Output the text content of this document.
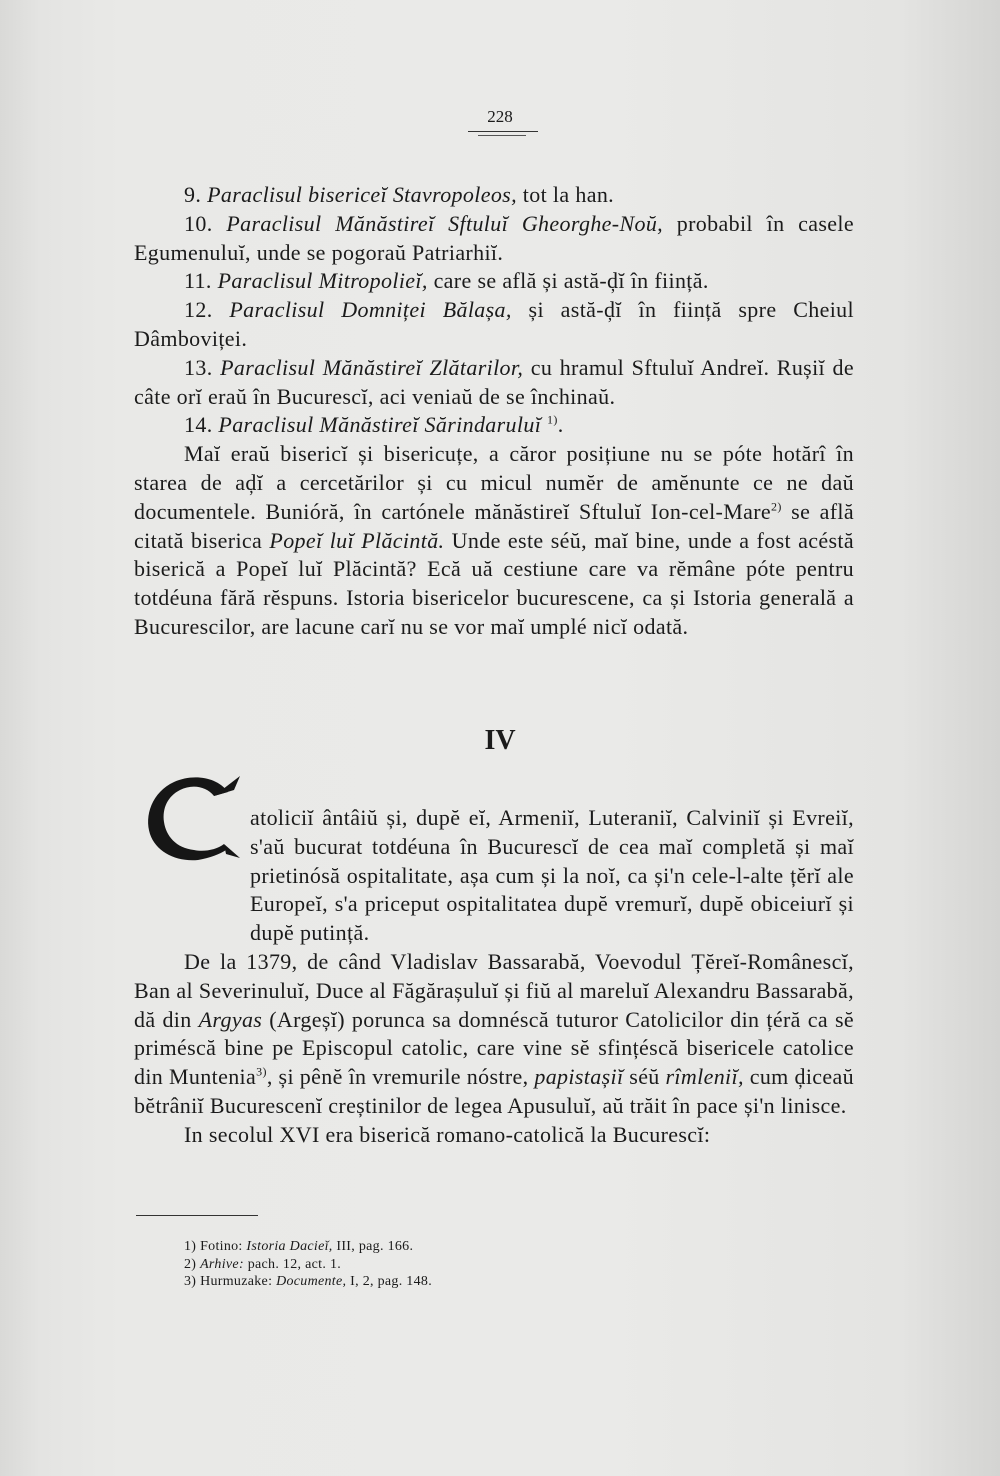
228

9. Paraclisul bisericeĭ Stavropoleos, tot la han.

10. Paraclisul Mănăstireĭ Sftuluĭ Gheorghe-Noŭ, probabil în casele Egumenuluĭ, unde se pogoraŭ Patriarhiĭ.

11. Paraclisul Mitropolieĭ, care se află și astă-ḑĭ în ființă.

12. Paraclisul Domniței Bălașa, și astă-ḑĭ în ființă spre Cheiul Dâmboviței.

13. Paraclisul Mănăstireĭ Zlătarilor, cu hramul Sftuluĭ Andreĭ. Rușiĭ de câte orĭ eraŭ în Bucurescĭ, aci veniaŭ de se închinaŭ.

14. Paraclisul Mănăstireĭ Sărindaruluĭ $^{1)}$.

Maĭ eraŭ bisericĭ și bisericuțe, a căror posițiune nu se póte hotărî în starea de aḑĭ a cercetărilor și cu micul numĕr de amĕnunte ce ne daŭ documentele. Bunióră, în cartónele mănăstireĭ Sftuluĭ Ion-cel-Mare$^{2)}$ se află citată biserica Popeĭ luĭ Plăcintă. Unde este séŭ, maĭ bine, unde a fost acéstă biserică a Popeĭ luĭ Plăcintă? Ecă uă cestiune care va rĕmâne póte pentru totdéuna fără rĕspuns. Istoria bisericelor bucurescene, ca și Istoria generală a Bucurescilor, are lacune carĭ nu se vor maĭ umplé nicĭ odată.

IV
C

atoliciĭ ântâiŭ și, dupĕ eĭ, Armeniĭ, Luteraniĭ, Calviniĭ și Evreiĭ, s'aŭ bucurat totdéuna în Bucurescĭ de cea maĭ completă și maĭ prietinósă ospitalitate, așa cum și la noĭ, ca și'n cele-l-alte țĕrĭ ale Europeĭ, s'a priceput ospitalitatea dupĕ vremurĭ, dupĕ obiceiurĭ și dupĕ putință.

De la 1379, de când Vladislav Bassarabă, Voevodul Țĕreĭ-Românescĭ, Ban al Severinuluĭ, Duce al Făgărașuluĭ și fiŭ al mareluĭ Alexandru Bassarabă, dă din Argyas (Argeșĭ) porunca sa domnéscă tuturor Catolicilor din țéră ca sĕ priméscă bine pe Episcopul catolic, care vine sĕ sfințéscă bisericele catolice din Muntenia$^{3)}$, și pênĕ în vremurile nóstre, papistașiĭ séŭ rîmleniĭ, cum ḑiceaŭ bĕtrâniĭ Bucurescenĭ creștinilor de legea Apusuluĭ, aŭ trăit în pace și'n linisce.

In secolul XVI era biserică romano-catolică la Bucurescĭ:

1) Fotino: Istoria Dacieĭ, III, pag. 166.
2) Arhive: pach. 12, act. 1.
3) Hurmuzake: Documente, I, 2, pag. 148.
